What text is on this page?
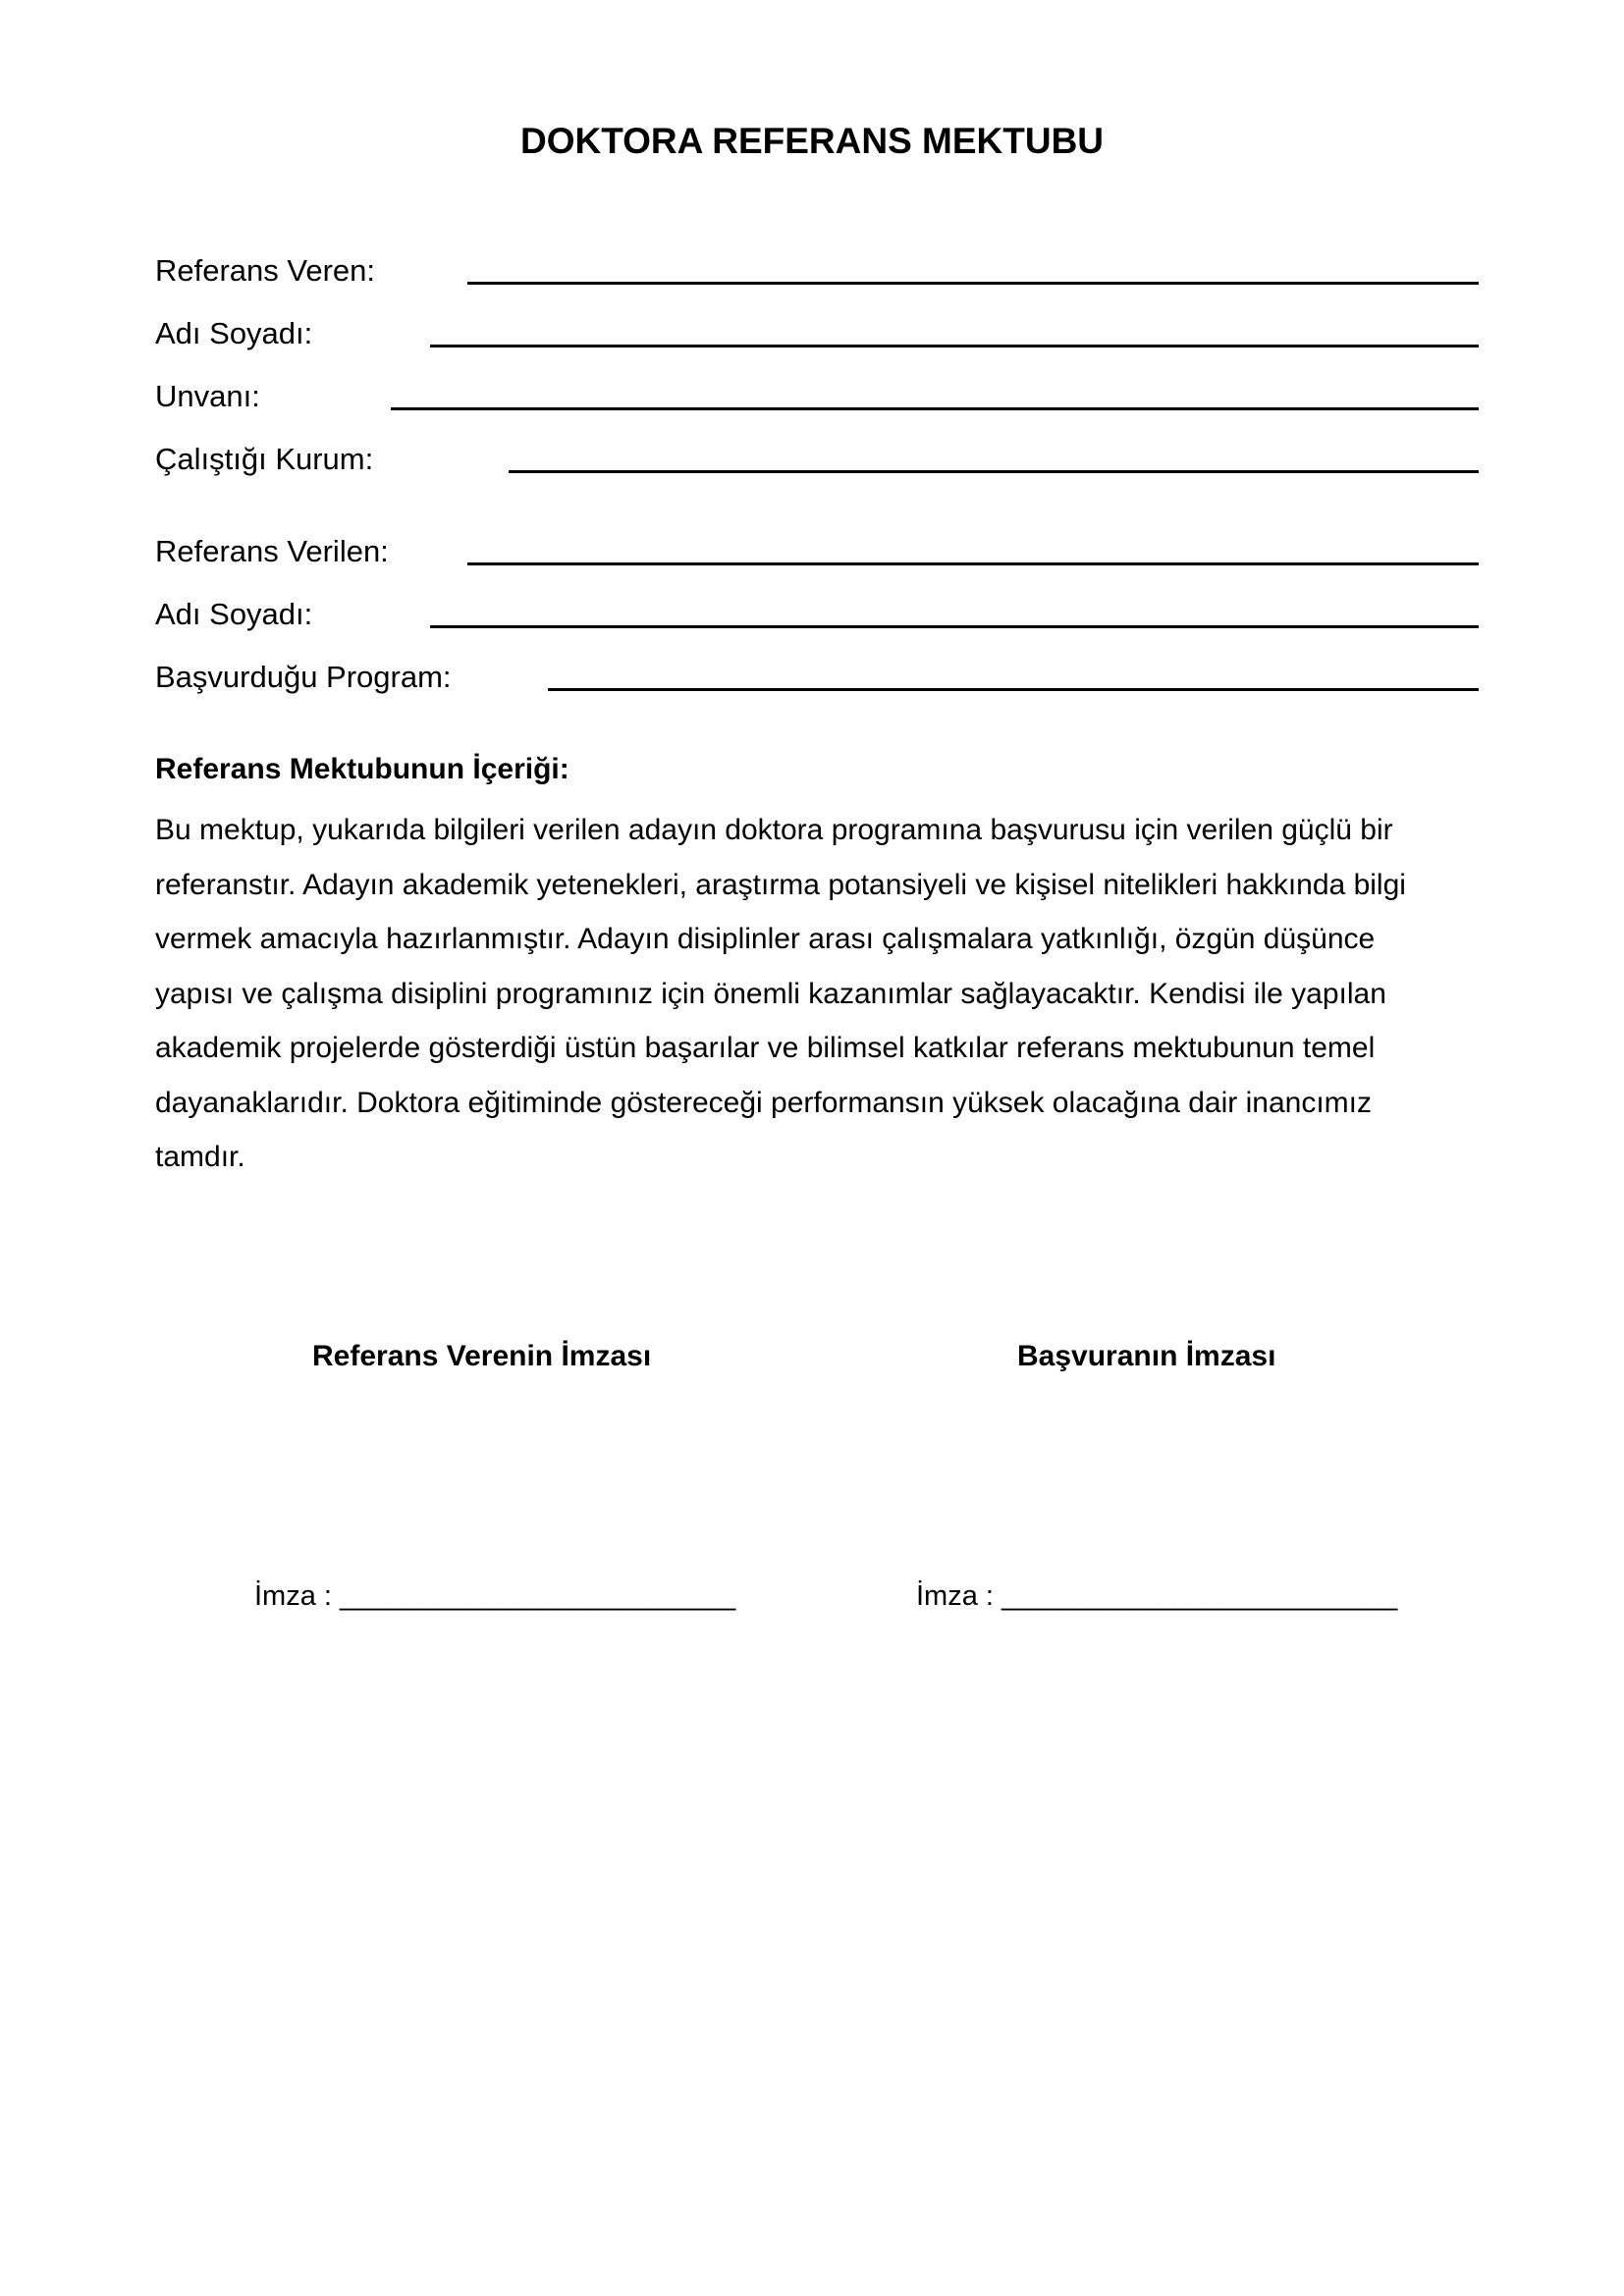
DOKTORA REFERANS MEKTUBU
Referans Veren:
Adı Soyadı:
Unvanı:
Çalıştığı Kurum:
Referans Verilen:
Adı Soyadı:
Başvurduğu Program:
Referans Mektubunun İçeriği:
Bu mektup, yukarıda bilgileri verilen adayın doktora programına başvurusu için verilen güçlü bir
referanstır. Adayın akademik yetenekleri, araştırma potansiyeli ve kişisel nitelikleri hakkında bilgi
vermek amacıyla hazırlanmıştır. Adayın disiplinler arası çalışmalara yatkınlığı, özgün düşünce
yapısı ve çalışma disiplini programınız için önemli kazanımlar sağlayacaktır. Kendisi ile yapılan
akademik projelerde gösterdiği üstün başarılar ve bilimsel katkılar referans mektubunun temel
dayanaklarıdır. Doktora eğitiminde göstereceği performansın yüksek olacağına dair inancımız
tamdır.
Referans Verenin İmzası	Başvuranın İmzası
İmza : _________________________	İmza : _________________________
